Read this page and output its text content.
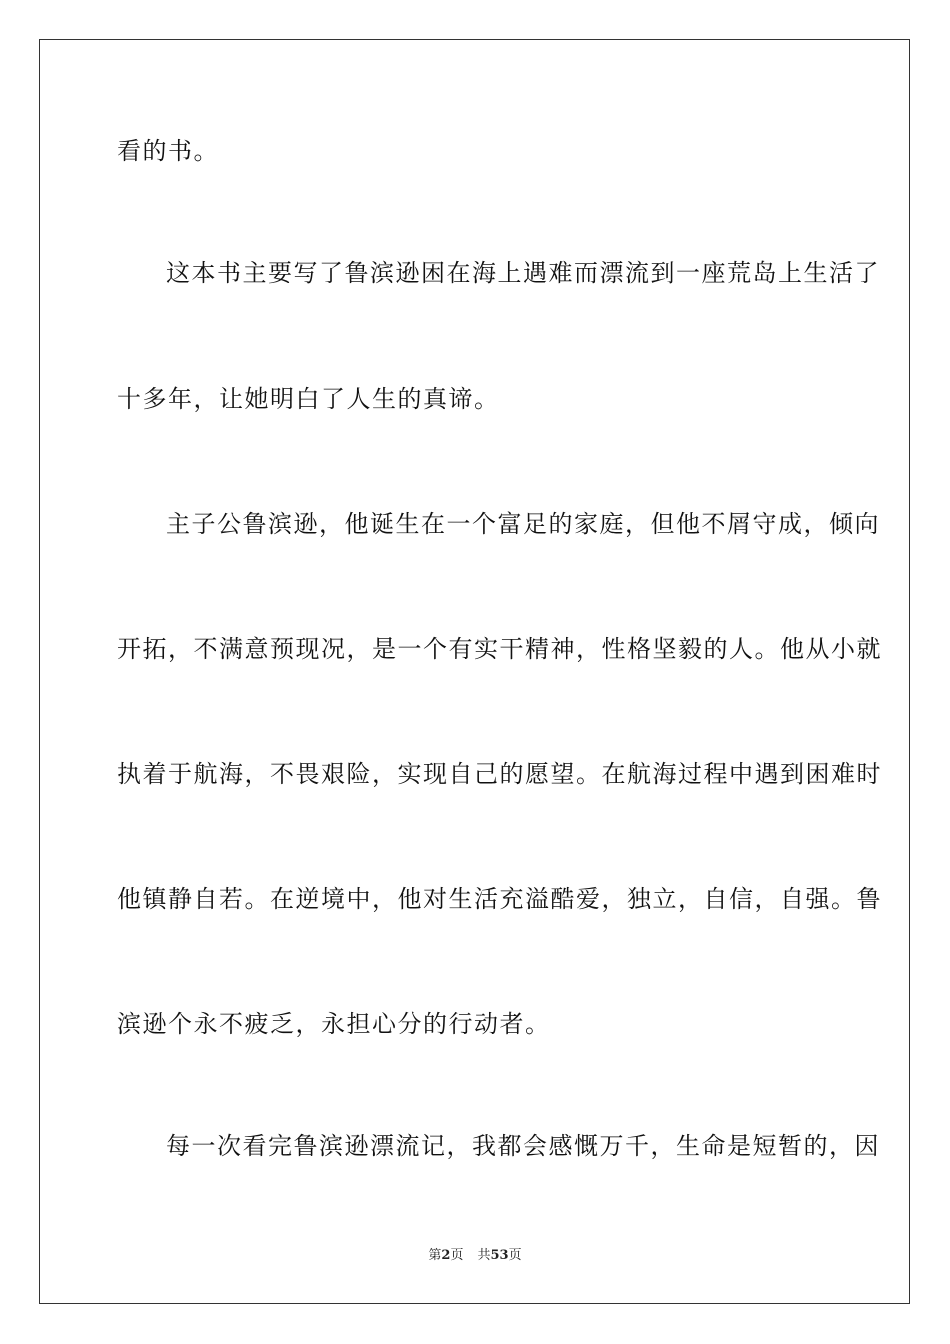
看的书。
这本书主要写了鲁滨逊困在海上遇难而漂流到一座荒岛上生活了
十多年，让她明白了人生的真谛。
主子公鲁滨逊，他诞生在一个富足的家庭，但他不屑守成，倾向
开拓，不满意预现况，是一个有实干精神，性格坚毅的人。他从小就
执着于航海，不畏艰险，实现自己的愿望。在航海过程中遇到困难时
他镇静自若。在逆境中，他对生活充溢酷爱，独立，自信，自强。鲁
滨逊个永不疲乏，永担心分的行动者。
每一次看完鲁滨逊漂流记，我都会感慨万千，生命是短暂的，因
第2页 共53页
